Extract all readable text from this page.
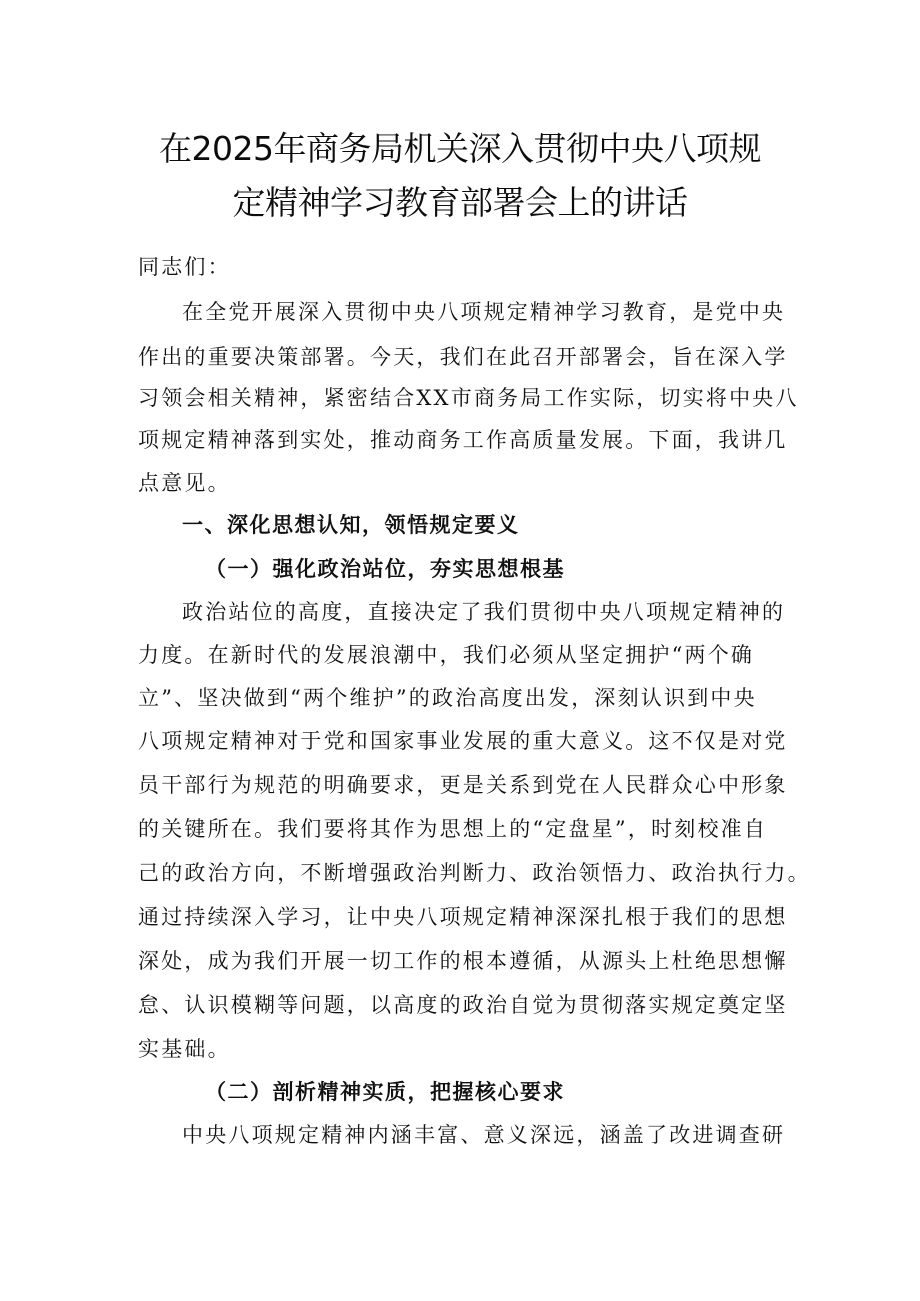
在2025年商务局机关深入贯彻中央八项规
定精神学习教育部署会上的讲话
同志们：
在全党开展深入贯彻中央八项规定精神学习教育，是党中央
作出的重要决策部署。今天，我们在此召开部署会，旨在深入学
习领会相关精神，紧密结合XX市商务局工作实际，切实将中央八
项规定精神落到实处，推动商务工作高质量发展。下面，我讲几
点意见。
一、深化思想认知，领悟规定要义
（一）强化政治站位，夯实思想根基
政治站位的高度，直接决定了我们贯彻中央八项规定精神的
力度。在新时代的发展浪潮中，我们必须从坚定拥护“两个确
立”、坚决做到“两个维护”的政治高度出发，深刻认识到中央
八项规定精神对于党和国家事业发展的重大意义。这不仅是对党
员干部行为规范的明确要求，更是关系到党在人民群众心中形象
的关键所在。我们要将其作为思想上的“定盘星”，时刻校准自
己的政治方向，不断增强政治判断力、政治领悟力、政治执行力。
通过持续深入学习，让中央八项规定精神深深扎根于我们的思想
深处，成为我们开展一切工作的根本遵循，从源头上杜绝思想懈
怠、认识模糊等问题，以高度的政治自觉为贯彻落实规定奠定坚
实基础。
（二）剖析精神实质，把握核心要求
中央八项规定精神内涵丰富、意义深远，涵盖了改进调查研
